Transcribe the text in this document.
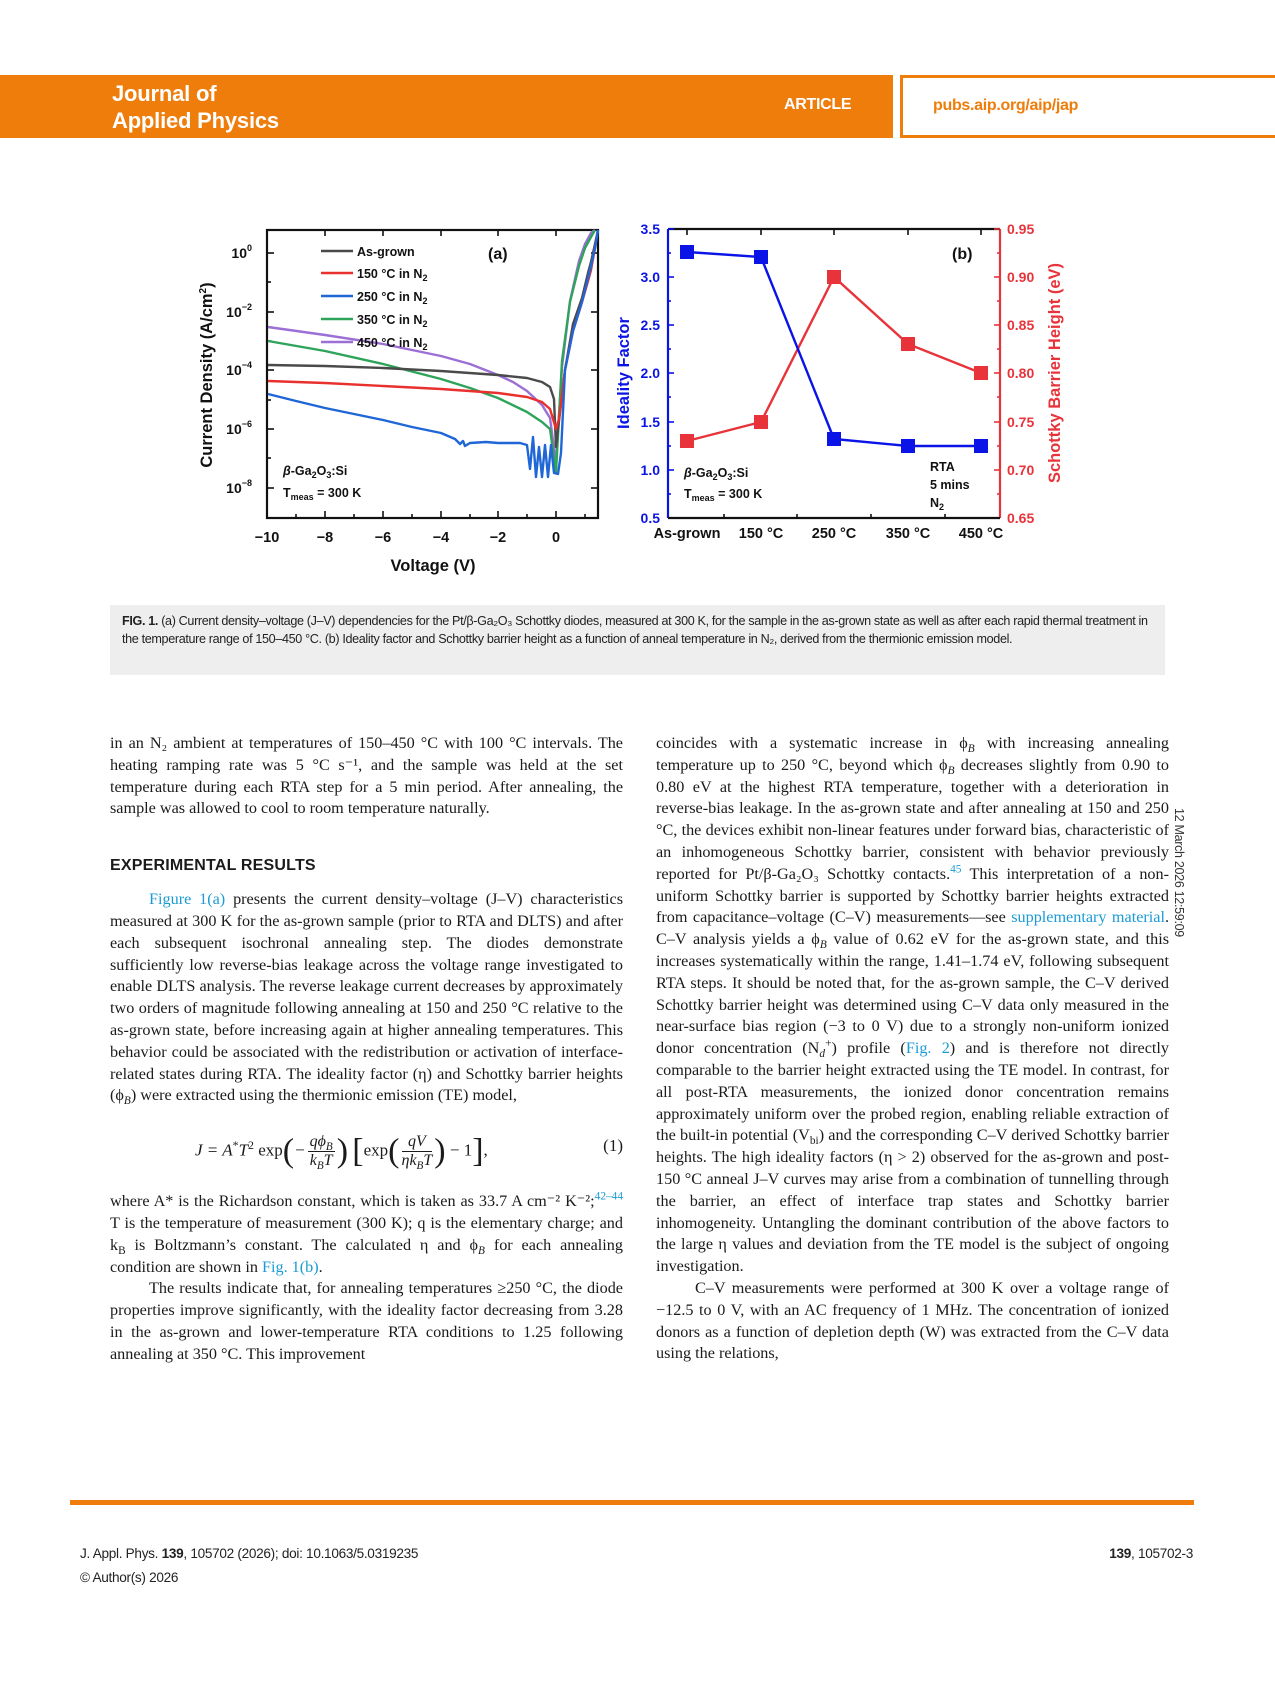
Journal of
Applied Physics
ARTICLE	pubs.aip.org/aip/jap
$10^0$
$10^{-2}$
$10^{-4}$
$10^{-6}$
$10^{-8}$
−10	−8	−6	−4	−2	0
Voltage (V)
Current Density $(A/cm^2)$
As-grown
150 °C in $N_2$
250 °C in $N_2$
350 °C in $N_2$
450 °C in $N_2$
(a)
$\beta-Ga_2O_3:Si$
$T_{meas} = 300$ K
3.5
3.0
2.5
2.0
1.5
1.0
0.5
0.95
0.90
0.85
0.80
0.75
0.70
0.65
As-grown 150 °C 250 °C 350 °C 450 °C
Ideality Factor	Schottky Barrier Height (eV)
(b)
$\beta-Ga_2O_3:Si$
$T_{meas} = 300$ K
RTA
5 mins
$N_2$
FIG. 1. (a) Current density–voltage (J–V) dependencies for the Pt/β-Ga₂O₃ Schottky diodes, measured at 300 K, for the sample in the as-grown state as well as after each rapid thermal treatment in the temperature range of 150–450 °C. (b) Ideality factor and Schottky barrier height as a function of anneal temperature in N₂, derived from the thermionic emission model.

in an N₂ ambient at temperatures of 150–450 °C with 100 °C intervals. The heating ramping rate was 5 °C s⁻¹, and the sample was held at the set temperature during each RTA step for a 5 min period. After annealing, the sample was allowed to cool to room temperature naturally.

EXPERIMENTAL RESULTS

Figure 1(a) presents the current density–voltage (J–V) characteristics measured at 300 K for the as-grown sample (prior to RTA and DLTS) and after each subsequent isochronal annealing step. The diodes demonstrate sufficiently low reverse-bias leakage across the voltage range investigated to enable DLTS analysis. The reverse leakage current decreases by approximately two orders of magnitude following annealing at 150 and 250 °C relative to the as-grown state, before increasing again at higher annealing temperatures. This behavior could be associated with the redistribution or activation of interface-related states during RTA. The ideality factor (η) and Schottky barrier heights $(\phi_B)$ were extracted using the thermionic emission (TE) model,

$J = A^*T^2$ $\exp(- \frac{q\phi_B}{k_BT}$ ) [$\exp( \frac{qV}{\eta k_BT}$ ) − 1],	(1)

where A* is the Richardson constant, which is taken as 33.7 A cm⁻² K⁻²;$^{42-44}$ T is the temperature of measurement (300 K); q is the elementary charge; and $k_B$ is Boltzmann’s constant. The calculated η and $\phi_B$ for each annealing condition are shown in Fig. 1(b).

The results indicate that, for annealing temperatures ≥250 °C, the diode properties improve significantly, with the ideality factor decreasing from 3.28 in the as-grown and lower-temperature RTA conditions to 1.25 following annealing at 350 °C. This improvement

coincides with a systematic increase in $\phi_B$ with increasing annealing temperature up to 250 °C, beyond which $\phi_B$ decreases slightly from 0.90 to 0.80 eV at the highest RTA temperature, together with a deterioration in reverse-bias leakage. In the as-grown state and after annealing at 150 and 250 °C, the devices exhibit non-linear features under forward bias, characteristic of an inhomogeneous Schottky barrier, consistent with behavior previously reported for Pt/β-Ga₂O₃ Schottky contacts.$^{45}$ This interpretation of a non-uniform Schottky barrier is supported by Schottky barrier heights extracted from capacitance–voltage (C–V) measurements—see supplementary material. C–V analysis yields a $\phi_B$ value of 0.62 eV for the as-grown state, and this increases systematically within the range, 1.41–1.74 eV, following subsequent RTA steps. It should be noted that, for the as-grown sample, the C–V derived Schottky barrier height was determined using C–V data only measured in the near-surface bias region (−3 to 0 V) due to a strongly non-uniform ionized donor concentration $(N_d^+)$ profile (Fig. 2) and is therefore not directly comparable to the barrier height extracted using the TE model. In contrast, for all post-RTA measurements, the ionized donor concentration remains approximately uniform over the probed region, enabling reliable extraction of the built-in potential $(V_{bi})$ and the corresponding C–V derived Schottky barrier heights. The high ideality factors (η > 2) observed for the as-grown and post-150 °C anneal J–V curves may arise from a combination of tunnelling through the barrier, an effect of interface trap states and Schottky barrier inhomogeneity. Untangling the dominant contribution of the above factors to the large η values and deviation from the TE model is the subject of ongoing investigation.

C–V measurements were performed at 300 K over a voltage range of −12.5 to 0 V, with an AC frequency of 1 MHz. The concentration of ionized donors as a function of depletion depth (W) was extracted from the C–V data using the relations,

12 March 2026 12:59:09
J. Appl. Phys. 139, 105702 (2026); doi: 10.1063/5.0319235
© Author(s) 2026
139, 105702-3
